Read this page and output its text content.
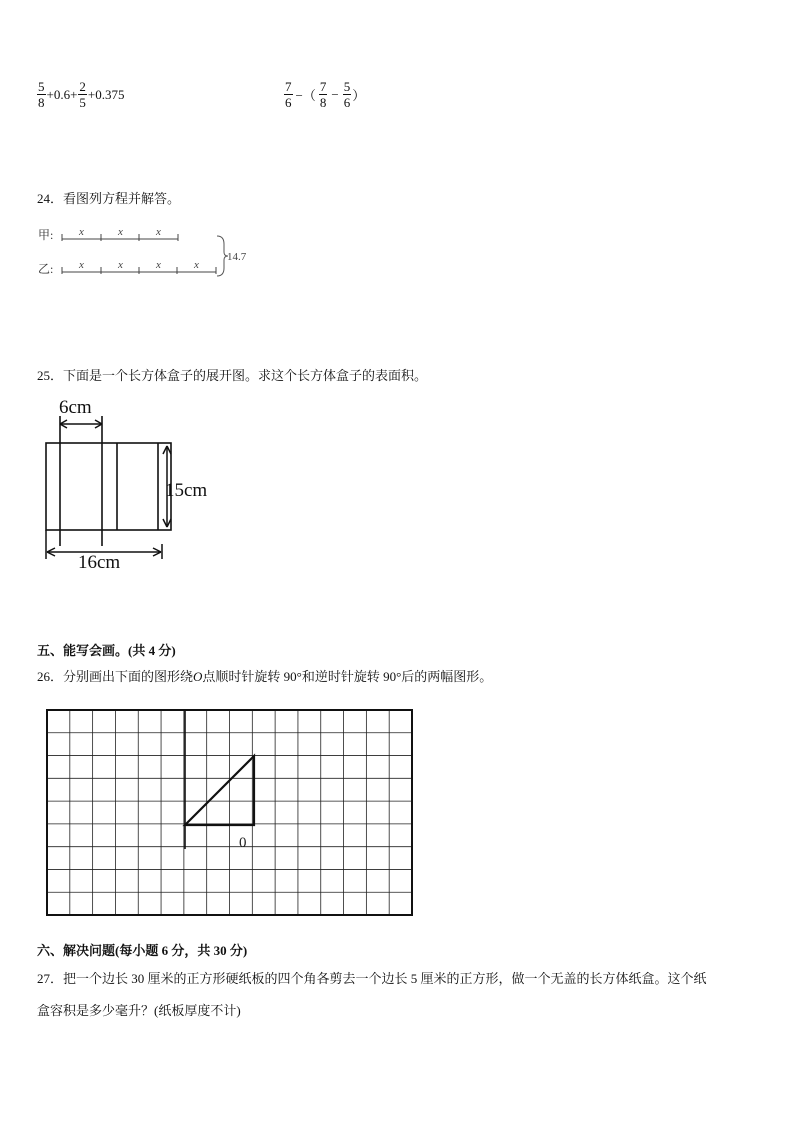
$\frac{5}{8} +0.6+ \frac{2}{5} +0.375$	$\frac{7}{6}$ −（ $\frac{7}{8} - \frac{5}{6}$ ）
24．看图列方程并解答。
甲: x	x	x
乙: x	x	x	x
14.7
25．下面是一个长方体盒子的展开图。求这个长方体盒子的表面积。
6cm
15cm
16cm
五、能写会画。(共 4 分)
26．分别画出下面的图形绕O点顺时针旋转 90°和逆时针旋转 90°后的两幅图形。
0
六、解决问题(每小题 6 分，共 30 分)
27．把一个边长 30 厘米的正方形硬纸板的四个角各剪去一个边长 5 厘米的正方形，做一个无盖的长方体纸盒。这个纸
盒容积是多少毫升？(纸板厚度不计)
